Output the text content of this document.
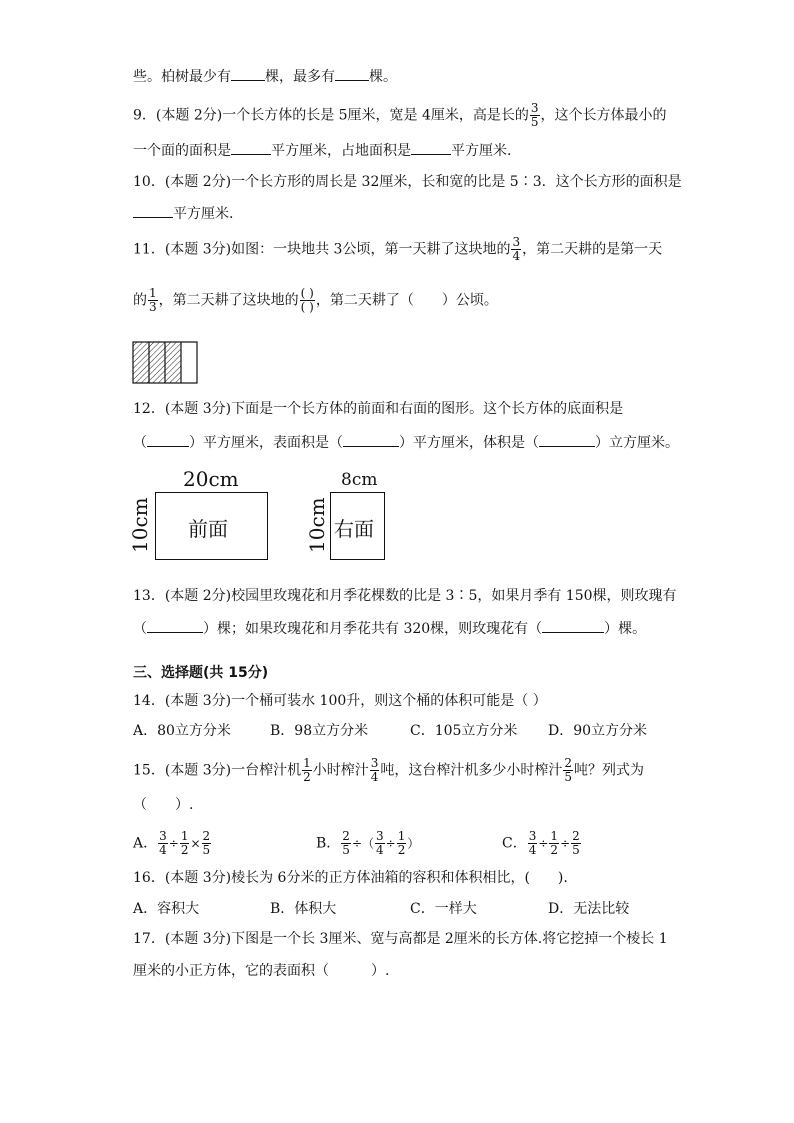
些。柏树最少有 棵，最多有 棵。
9．(本题 2分)一个长方体的长是 5厘米，宽是 4厘米，高是长的 $\frac{3}{5}$ ，这个长方体最小的
一个面的面积是	平方厘米，占地面积是	平方厘米.
10．(本题 2分)一个长方形的周长是 32厘米，长和宽的比是 5∶3．这个长方形的面积是
平方厘米.
11．(本题 3分)如图：一块地共 3公顷，第一天耕了这块地的 $\frac{3}{4}$ ，第二天耕的是第一天
的 $\frac{1}{3}$ ，第二天耕了这块地的 $\frac{( )}{( )}$ ，第二天耕了（　　）公顷。
12．(本题 3分)下面是一个长方体的前面和右面的图形。这个长方体的底面积是
（	）平方厘米，表面积是（	）平方厘米，体积是（	）立方厘米。
20cm
10cm 前面
8cm
10cm 右面
13．(本题 2分)校园里玫瑰花和月季花棵数的比是 3∶5，如果月季有 150棵，则玫瑰有
（	）棵；如果玫瑰花和月季花共有 320棵，则玫瑰花有（	）棵。
三、选择题(共 15分)
14．(本题 3分)一个桶可装水 100升，则这个桶的体积可能是（ ）
A．80立方分米	B．98立方分米	C．105立方分米 D．90立方分米
15．(本题 3分)一台榨汁机 $\frac{1}{2}$ 小时榨汁 $\frac{3}{4}$ 吨，这台榨汁机多少小时榨汁 $\frac{2}{5}$ 吨？列式为
（　　）.
A． $\frac{3}{4} \div \frac{1}{2} \times \frac{2}{5}$	B． $\frac{2}{5}$ ÷（ $\frac{3}{4} \div \frac{1}{2}$ ）	C． $\frac{3}{4} \div \frac{1}{2} \div \frac{2}{5}$
16．(本题 3分)棱长为 6分米的正方体油箱的容积和体积相比，(　　).
A．容积大	B．体积大	C．一样大	D．无法比较
17．(本题 3分)下图是一个长 3厘米、宽与高都是 2厘米的长方体.将它挖掉一个棱长 1
厘米的小正方体，它的表面积（　　　）.
